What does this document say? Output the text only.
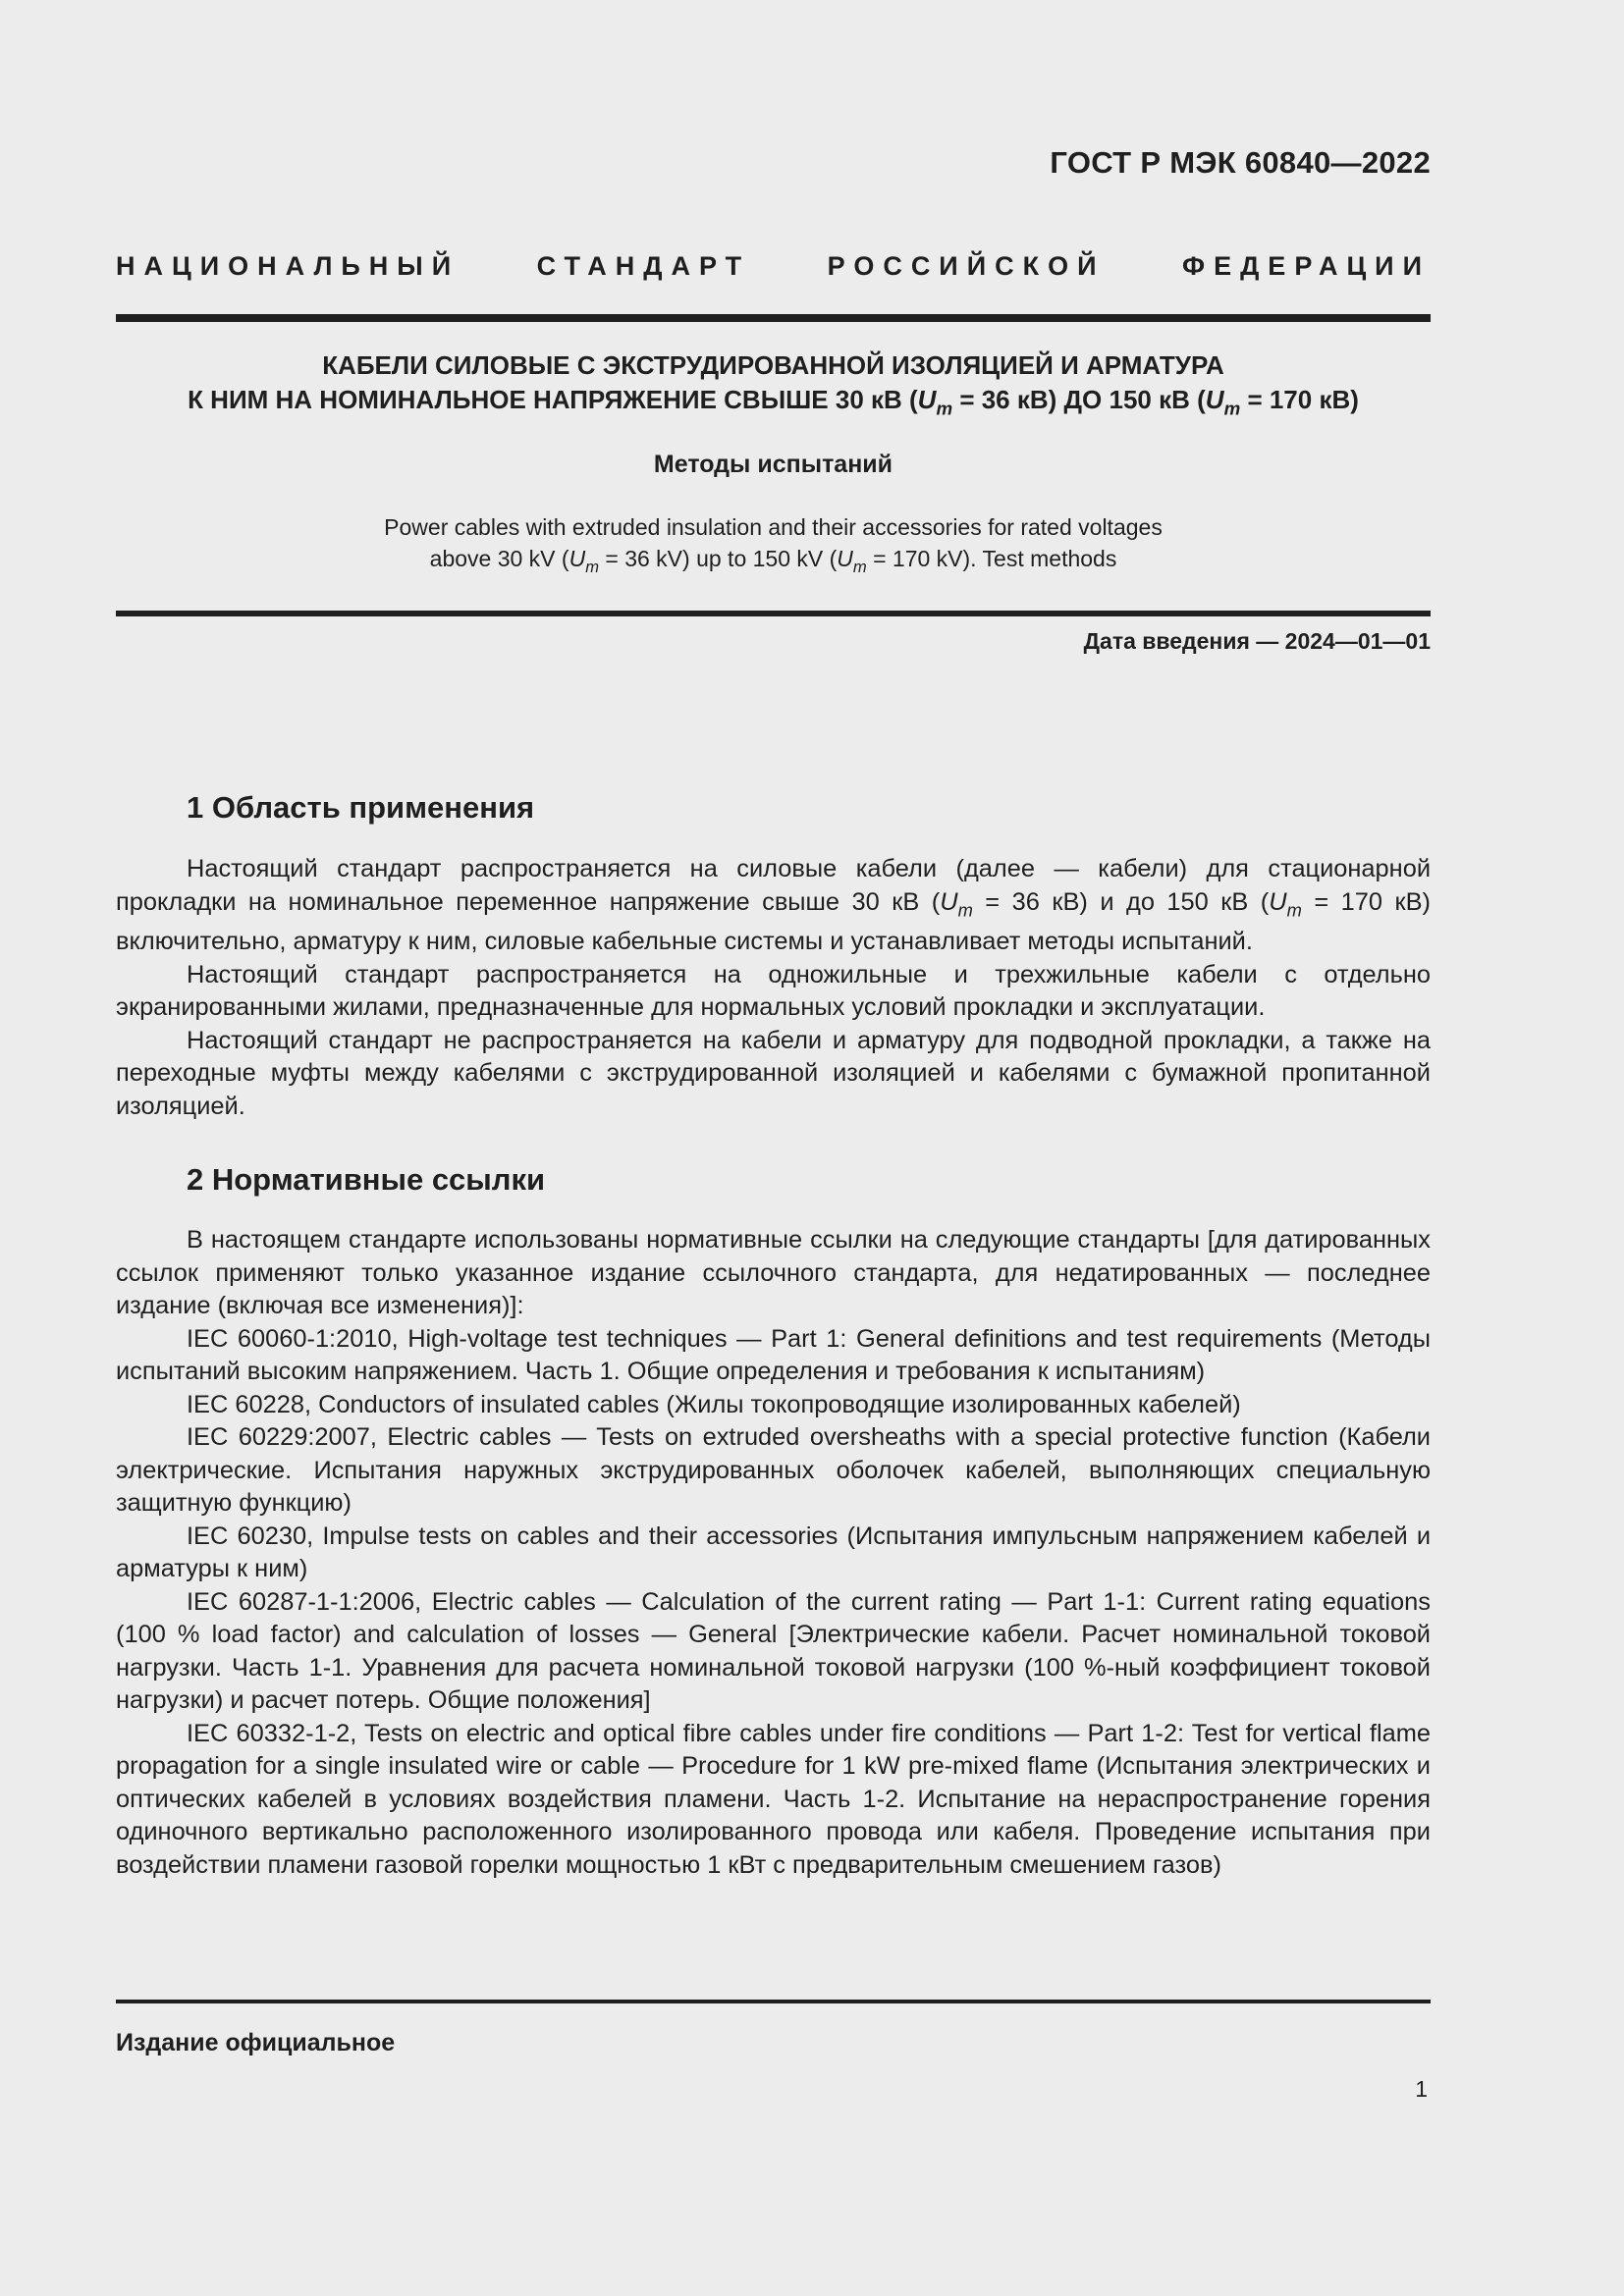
ГОСТ Р МЭК 60840—2022
НАЦИОНАЛЬНЫЙ СТАНДАРТ РОССИЙСКОЙ ФЕДЕРАЦИИ
КАБЕЛИ СИЛОВЫЕ С ЭКСТРУДИРОВАННОЙ ИЗОЛЯЦИЕЙ И АРМАТУРА
К НИМ НА НОМИНАЛЬНОЕ НАПРЯЖЕНИЕ СВЫШЕ 30 кВ ($U_m = 36$ кВ) ДО 150 кВ ($U_m = 170$ кВ)
Методы испытаний
Power cables with extruded insulation and their accessories for rated voltages
above 30 kV ($U_m = 36$ kV) up to 150 kV ($U_m = 170$ kV). Test methods
Дата введения — 2024—01—01
1 Область применения

Настоящий стандарт распространяется на силовые кабели (далее — кабели) для стационарной прокладки на номинальное переменное напряжение свыше 30 кВ ($U_m = 36$ кВ) и до 150 кВ ($U_m = 170$ кВ) включительно, арматуру к ним, силовые кабельные системы и устанавливает методы испытаний.

Настоящий стандарт распространяется на одножильные и трехжильные кабели с отдельно экранированными жилами, предназначенные для нормальных условий прокладки и эксплуатации.

Настоящий стандарт не распространяется на кабели и арматуру для подводной прокладки, а также на переходные муфты между кабелями с экструдированной изоляцией и кабелями с бумажной пропитанной изоляцией.

2 Нормативные ссылки

В настоящем стандарте использованы нормативные ссылки на следующие стандарты [для датированных ссылок применяют только указанное издание ссылочного стандарта, для недатированных — последнее издание (включая все изменения)]:

IEC 60060-1:2010, High-voltage test techniques — Part 1: General definitions and test requirements (Методы испытаний высоким напряжением. Часть 1. Общие определения и требования к испытаниям)

IEC 60228, Conductors of insulated cables (Жилы токопроводящие изолированных кабелей)

IEC 60229:2007, Electric cables — Tests on extruded oversheaths with a special protective function (Кабели электрические. Испытания наружных экструдированных оболочек кабелей, выполняющих специальную защитную функцию)

IEC 60230, Impulse tests on cables and their accessories (Испытания импульсным напряжением кабелей и арматуры к ним)

IEC 60287-1-1:2006, Electric cables — Calculation of the current rating — Part 1-1: Current rating equations (100 % load factor) and calculation of losses — General [Электрические кабели. Расчет номинальной токовой нагрузки. Часть 1-1. Уравнения для расчета номинальной токовой нагрузки (100 %-ный коэффициент токовой нагрузки) и расчет потерь. Общие положения]

IEC 60332-1-2, Tests on electric and optical fibre cables under fire conditions — Part 1-2: Test for vertical flame propagation for a single insulated wire or cable — Procedure for 1 kW pre-mixed flame (Испытания электрических и оптических кабелей в условиях воздействия пламени. Часть 1-2. Испытание на нераспространение горения одиночного вертикально расположенного изолированного провода или кабеля. Проведение испытания при воздействии пламени газовой горелки мощностью 1 кВт с предварительным смешением газов)

Издание официальное
1
